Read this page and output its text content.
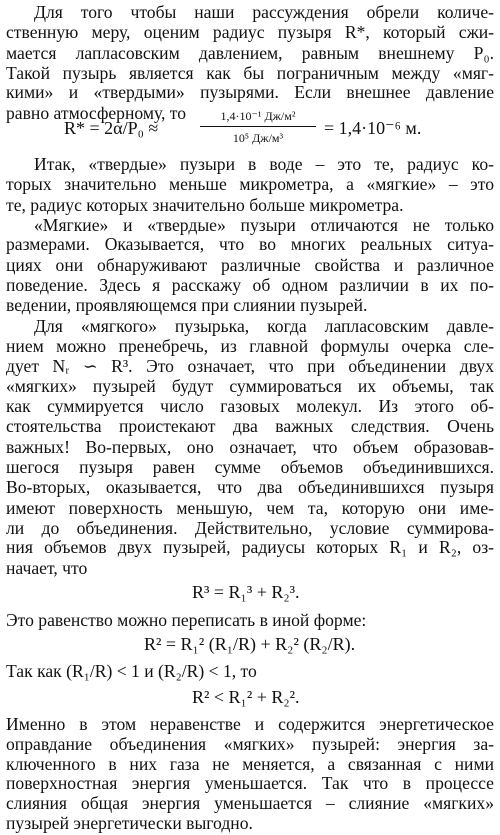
Для того чтобы наши рассуждения обрели количе-
ственную меру, оценим радиус пузыря R*, который сжи-
мается лапласовским давлением, равным внешнему P₀.
Такой пузырь является как бы пограничным между «мяг-
кими» и «твердыми» пузырями. Если внешнее давление
равно атмосферному, то
R* = 2α/P₀ ≈
1,4·10⁻¹ Дж/м²
10⁵ Дж/м³
= 1,4·10⁻⁶ м.
Итак, «твердые» пузыри в воде – это те, радиус ко-
торых значительно меньше микрометра, а «мягкие» – это
те, радиус которых значительно больше микрометра.
«Мягкие» и «твердые» пузыри отличаются не только
размерами. Оказывается, что во многих реальных ситуа-
циях они обнаруживают различные свойства и различное
поведение. Здесь я расскажу об одном различии в их по-
ведении, проявляющемся при слиянии пузырей.
Для «мягкого» пузырька, когда лапласовским давле-
нием можно пренебречь, из главной формулы очерка сле-
дует Nᵣ ∽ R³. Это означает, что при объединении двух
«мягких» пузырей будут суммироваться их объемы, так
как суммируется число газовых молекул. Из этого об-
стоятельства проистекают два важных следствия. Очень
важных! Во-первых, оно означает, что объем образовав-
шегося пузыря равен сумме объемов объединившихся.
Во-вторых, оказывается, что два объединившихся пузыря
имеют поверхность меньшую, чем та, которую они име-
ли до объединения. Действительно, условие суммирова-
ния объемов двух пузырей, радиусы которых R₁ и R₂, оз-
начает, что
R³ = R₁³ + R₂³.
Это равенство можно переписать в иной форме:
R² = R₁² (R₁/R) + R₂² (R₂/R).
Так как (R₁/R) < 1 и (R₂/R) < 1, то
R² < R₁² + R₂².
Именно в этом неравенстве и содержится энергетическое
оправдание объединения «мягких» пузырей: энергия за-
ключенного в них газа не меняется, а связанная с ними
поверхностная энергия уменьшается. Так что в процессе
слияния общая энергия уменьшается – слияние «мягких»
пузырей энергетически выгодно.
